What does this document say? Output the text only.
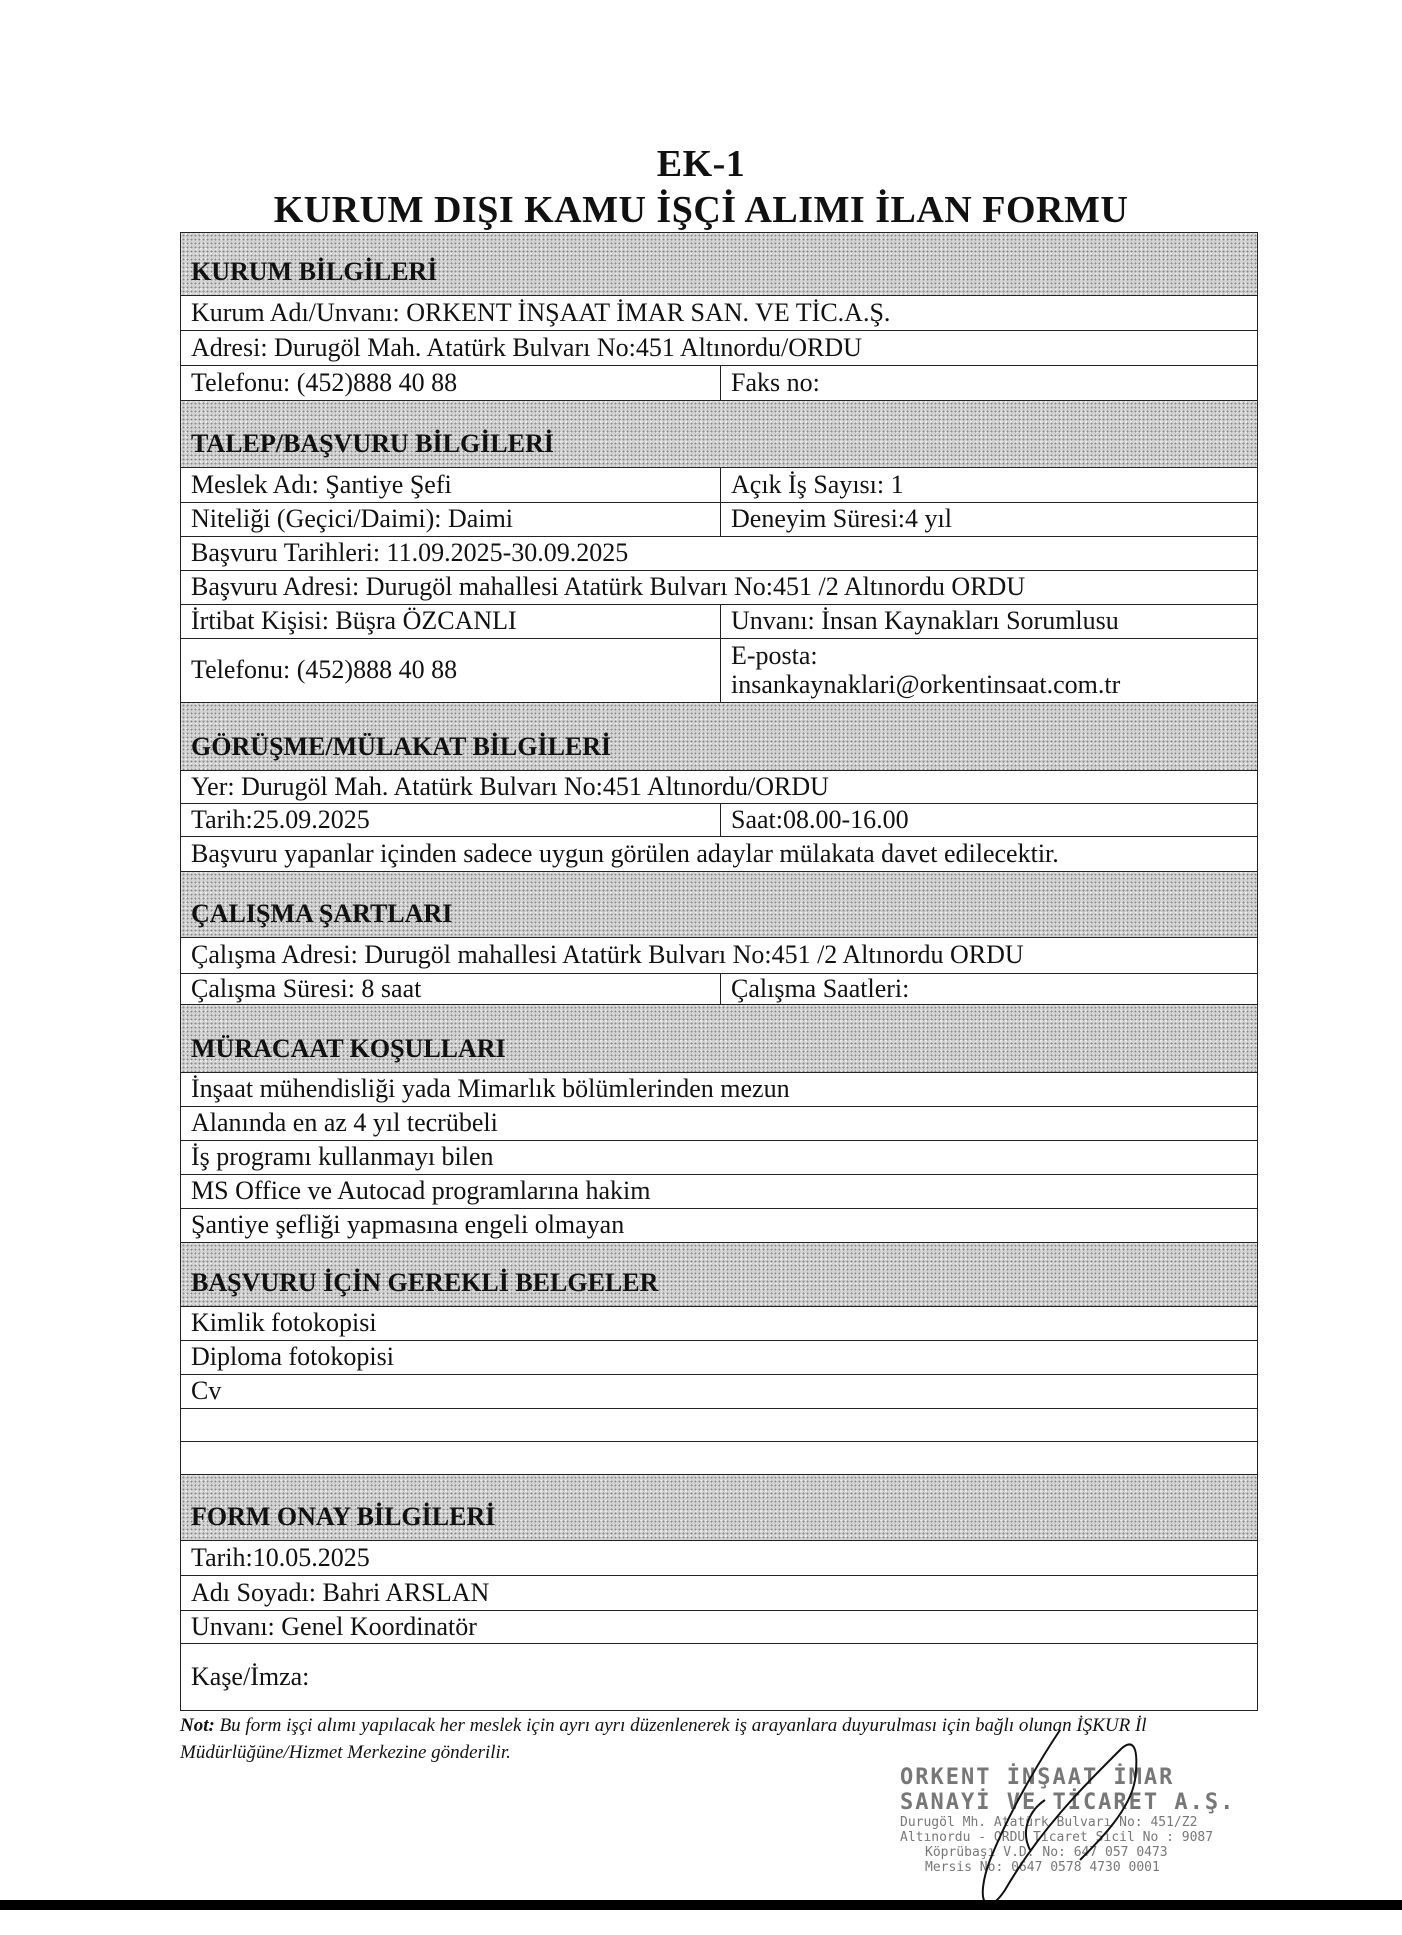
EK-1
KURUM DIŞI KAMU İŞÇİ ALIMI İLAN FORMU
KURUM BİLGİLERİ	
Kurum Adı/Unvanı: ORKENT İNŞAAT İMAR SAN. VE TİC.A.Ş.	
Adresi: Durugöl Mah. Atatürk Bulvarı No:451 Altınordu/ORDU	
Telefonu: (452)888 40 88	Faks no:
TALEP/BAŞVURU BİLGİLERİ	
Meslek Adı: Şantiye Şefi	Açık İş Sayısı: 1
Niteliği (Geçici/Daimi): Daimi	Deneyim Süresi:4 yıl
Başvuru Tarihleri: 11.09.2025-30.09.2025	
Başvuru Adresi: Durugöl mahallesi Atatürk Bulvarı No:451 /2 Altınordu ORDU	
İrtibat Kişisi: Büşra ÖZCANLI	Unvanı: İnsan Kaynakları Sorumlusu
Telefonu: (452)888 40 88	E-posta:
insankaynaklari@orkentinsaat.com.tr

GÖRÜŞME/MÜLAKAT BİLGİLERİ	
Yer: Durugöl Mah. Atatürk Bulvarı No:451 Altınordu/ORDU	
Tarih:25.09.2025	Saat:08.00-16.00
Başvuru yapanlar içinden sadece uygun görülen adaylar mülakata davet edilecektir.	
ÇALIŞMA ŞARTLARI	
Çalışma Adresi: Durugöl mahallesi Atatürk Bulvarı No:451 /2 Altınordu ORDU	
Çalışma Süresi: 8 saat	Çalışma Saatleri:
MÜRACAAT KOŞULLARI	
İnşaat mühendisliği yada Mimarlık bölümlerinden mezun	
Alanında en az 4 yıl tecrübeli	
İş programı kullanmayı bilen	
MS Office ve Autocad programlarına hakim	
Şantiye şefliği yapmasına engeli olmayan	
BAŞVURU İÇİN GEREKLİ BELGELER	
Kimlik fotokopisi	
Diploma fotokopisi	
Cv	

FORM ONAY BİLGİLERİ	
Tarih:10.05.2025	
Adı Soyadı: Bahri ARSLAN	
Unvanı: Genel Koordinatör	
Kaşe/İmza:	
Not: Bu form işçi alımı yapılacak her meslek için ayrı ayrı düzenlenerek iş arayanlara duyurulması için bağlı olunan İŞKUR İl Müdürlüğüne/Hizmet Merkezine gönderilir.
ORKENT İNŞAAT İMAR
SANAYİ VE TİCARET A.Ş.
Durugöl Mh. Atatürk Bulvarı No: 451/Z2
Altınordu - ORDU Ticaret Sicil No : 9087
Köprübaşı V.D. No: 647 057 0473
Mersis No: 0647 0578 4730 0001
